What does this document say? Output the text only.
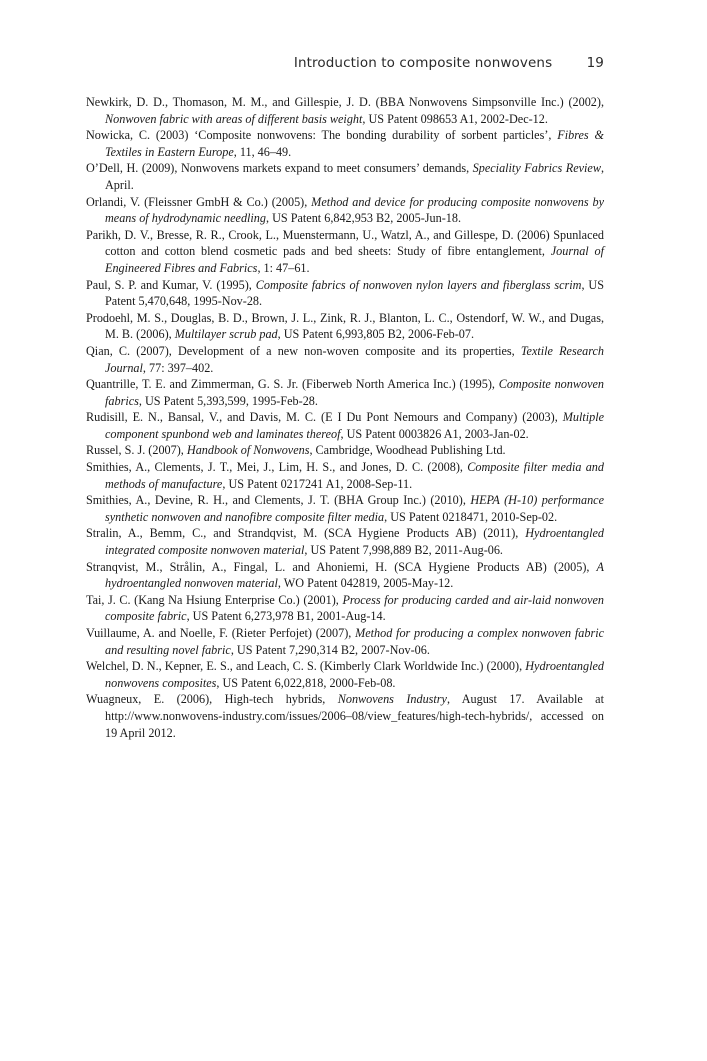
Introduction to composite nonwovens	19

Newkirk, D. D., Thomason, M. M., and Gillespie, J. D. (BBA Nonwovens Simpsonville Inc.) (2002), Nonwoven fabric with areas of different basis weight, US Patent 098653 A1, 2002-Dec-12.

Nowicka, C. (2003) ‘Composite nonwovens: The bonding durability of sorbent particles’, Fibres & Textiles in Eastern Europe, 11, 46–49.

O’Dell, H. (2009), Nonwovens markets expand to meet consumers’ demands, Speciality Fabrics Review, April.

Orlandi, V. (Fleissner GmbH & Co.) (2005), Method and device for producing composite nonwovens by means of hydrodynamic needling, US Patent 6,842,953 B2, 2005-Jun-18.

Parikh, D. V., Bresse, R. R., Crook, L., Muenstermann, U., Watzl, A., and Gillespe, D. (2006) Spunlaced cotton and cotton blend cosmetic pads and bed sheets: Study of fibre entanglement, Journal of Engineered Fibres and Fabrics, 1: 47–61.

Paul, S. P. and Kumar, V. (1995), Composite fabrics of nonwoven nylon layers and fiberglass scrim, US Patent 5,470,648, 1995-Nov-28.

Prodoehl, M. S., Douglas, B. D., Brown, J. L., Zink, R. J., Blanton, L. C., Ostendorf, W. W., and Dugas, M. B. (2006), Multilayer scrub pad, US Patent 6,993,805 B2, 2006-Feb-07.

Qian, C. (2007), Development of a new non-woven composite and its properties, Textile Research Journal, 77: 397–402.

Quantrille, T. E. and Zimmerman, G. S. Jr. (Fiberweb North America Inc.) (1995), Composite nonwoven fabrics, US Patent 5,393,599, 1995-Feb-28.

Rudisill, E. N., Bansal, V., and Davis, M. C. (E I Du Pont Nemours and Company) (2003), Multiple component spunbond web and laminates thereof, US Patent 0003826 A1, 2003-Jan-02.

Russel, S. J. (2007), Handbook of Nonwovens, Cambridge, Woodhead Publishing Ltd.

Smithies, A., Clements, J. T., Mei, J., Lim, H. S., and Jones, D. C. (2008), Composite filter media and methods of manufacture, US Patent 0217241 A1, 2008-Sep-11.

Smithies, A., Devine, R. H., and Clements, J. T. (BHA Group Inc.) (2010), HEPA (H-10) performance synthetic nonwoven and nanofibre composite filter media, US Patent 0218471, 2010-Sep-02.

Stralin, A., Bemm, C., and Strandqvist, M. (SCA Hygiene Products AB) (2011), Hydroentangled integrated composite nonwoven material, US Patent 7,998,889 B2, 2011-Aug-06.

Stranqvist, M., Strålin, A., Fingal, L. and Ahoniemi, H. (SCA Hygiene Products AB) (2005), A hydroentangled nonwoven material, WO Patent 042819, 2005-May-12.

Tai, J. C. (Kang Na Hsiung Enterprise Co.) (2001), Process for producing carded and air-laid nonwoven composite fabric, US Patent 6,273,978 B1, 2001-Aug-14.

Vuillaume, A. and Noelle, F. (Rieter Perfojet) (2007), Method for producing a complex nonwoven fabric and resulting novel fabric, US Patent 7,290,314 B2, 2007-Nov-06.

Welchel, D. N., Kepner, E. S., and Leach, C. S. (Kimberly Clark Worldwide Inc.) (2000), Hydroentangled nonwovens composites, US Patent 6,022,818, 2000-Feb-08.

Wuagneux, E. (2006), High-tech hybrids, Nonwovens Industry, August 17. Available at http://www.nonwovens-industry.com/issues/2006–08/view_features/high-tech-hybrids/, accessed on 19 April 2012.
